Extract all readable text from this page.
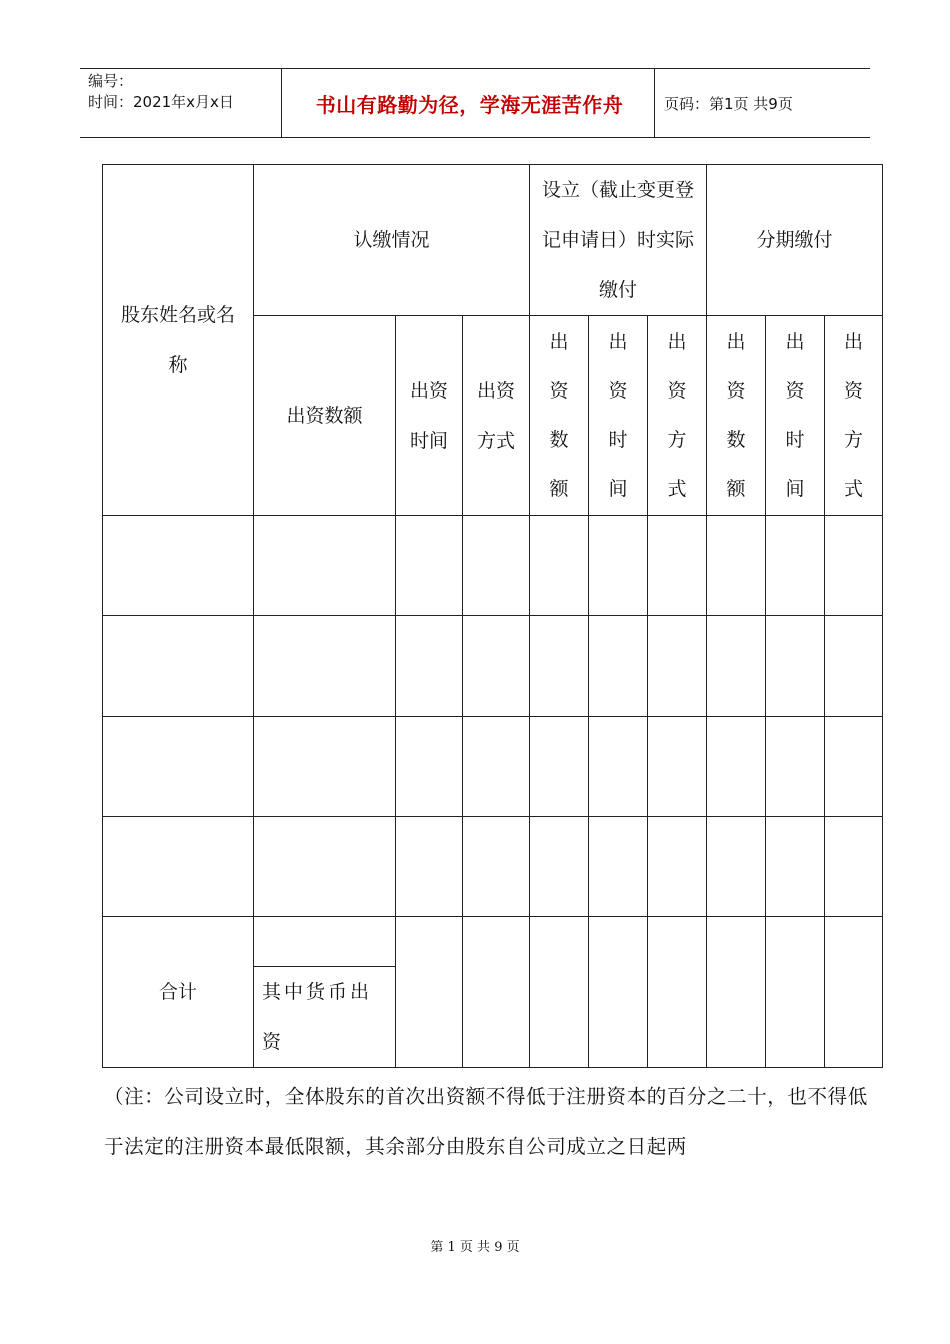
编号：
时间：2021年x月x日	书山有路勤为径，学海无涯苦作舟	页码：第1页 共9页
股东姓名或名称	认缴情况			设立（截止变更登记申请日）时实际缴付			分期缴付		
	出资数额	出资时间	出资方式	出资数额	出资时间	出资方式	出资数额	出资时间	出资方式

合计									
	其中货币出资								
（注：公司设立时，全体股东的首次出资额不得低于注册资本的百分之二十，也不得低于法定的注册资本最低限额，其余部分由股东自公司成立之日起两
第 1 页 共 9 页
